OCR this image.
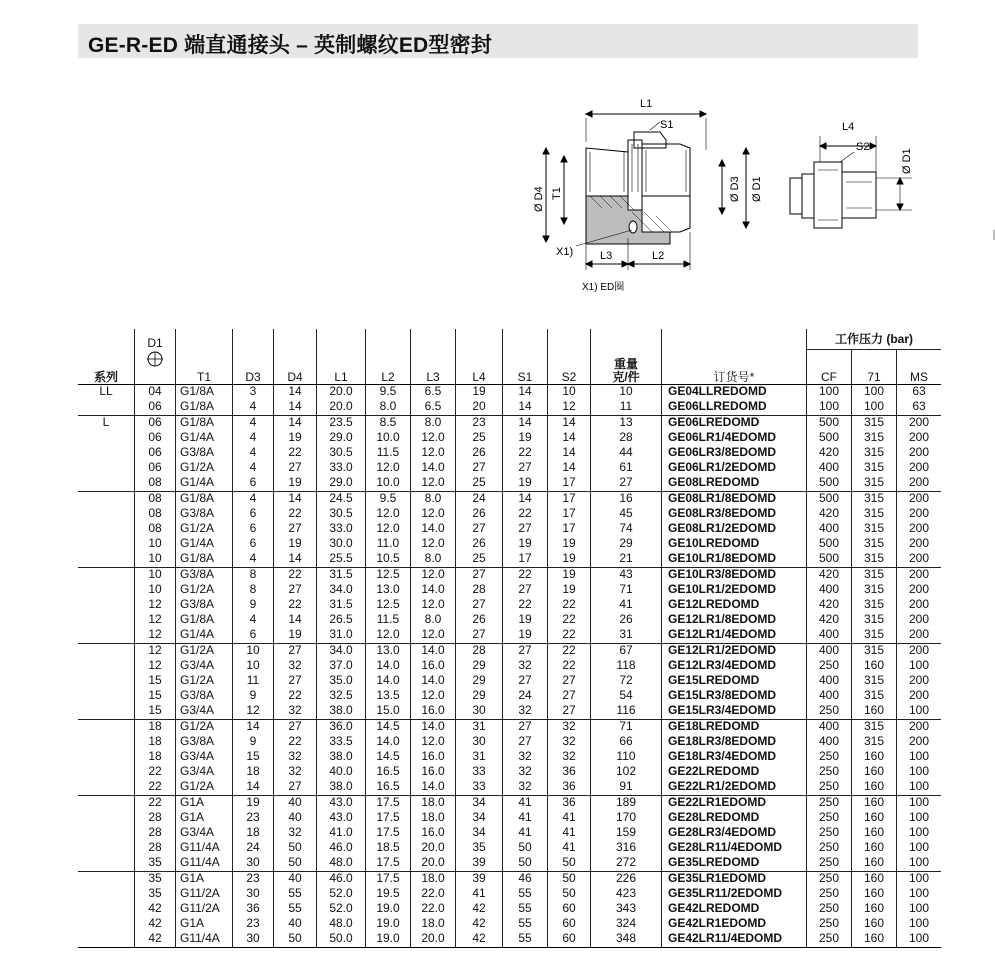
GE-R-ED 端直通接头 – 英制螺纹ED型密封
L1
S1
Ø D4 T1	Ø D3 Ø D1
X1) L3	L2
L4
S2
Ø D1
X1) ED圈
	D1												工作压力 (bar)		
											重量				
系列		T1	D3	D4	L1	L2	L3	L4	S1	S2	克/件	订货号*	CF	71	MS
LL	04	G1/8A	3	14	20.0	9.5	6.5	19	14	10	10	GE04LLREDOMD	100	100	63
	06	G1/8A	4	14	20.0	8.0	6.5	20	14	12	11	GE06LLREDOMD	100	100	63
L	06	G1/8A	4	14	23.5	8.5	8.0	23	14	14	13	GE06LREDOMD	500	315	200
	06	G1/4A	4	19	29.0	10.0	12.0	25	19	14	28	GE06LR1/4EDOMD	500	315	200
	06	G3/8A	4	22	30.5	11.5	12.0	26	22	14	44	GE06LR3/8EDOMD	420	315	200
	06	G1/2A	4	27	33.0	12.0	14.0	27	27	14	61	GE06LR1/2EDOMD	400	315	200
	08	G1/4A	6	19	29.0	10.0	12.0	25	19	17	27	GE08LREDOMD	500	315	200
	08	G1/8A	4	14	24.5	9.5	8.0	24	14	17	16	GE08LR1/8EDOMD	500	315	200
	08	G3/8A	6	22	30.5	12.0	12.0	26	22	17	45	GE08LR3/8EDOMD	420	315	200
	08	G1/2A	6	27	33.0	12.0	14.0	27	27	17	74	GE08LR1/2EDOMD	400	315	200
	10	G1/4A	6	19	30.0	11.0	12.0	26	19	19	29	GE10LREDOMD	500	315	200
	10	G1/8A	4	14	25.5	10.5	8.0	25	17	19	21	GE10LR1/8EDOMD	500	315	200
	10	G3/8A	8	22	31.5	12.5	12.0	27	22	19	43	GE10LR3/8EDOMD	420	315	200
	10	G1/2A	8	27	34.0	13.0	14.0	28	27	19	71	GE10LR1/2EDOMD	400	315	200
	12	G3/8A	9	22	31.5	12.5	12.0	27	22	22	41	GE12LREDOMD	420	315	200
	12	G1/8A	4	14	26.5	11.5	8.0	26	19	22	26	GE12LR1/8EDOMD	420	315	200
	12	G1/4A	6	19	31.0	12.0	12.0	27	19	22	31	GE12LR1/4EDOMD	400	315	200
	12	G1/2A	10	27	34.0	13.0	14.0	28	27	22	67	GE12LR1/2EDOMD	400	315	200
	12	G3/4A	10	32	37.0	14.0	16.0	29	32	22	118	GE12LR3/4EDOMD	250	160	100
	15	G1/2A	11	27	35.0	14.0	14.0	29	27	27	72	GE15LREDOMD	400	315	200
	15	G3/8A	9	22	32.5	13.5	12.0	29	24	27	54	GE15LR3/8EDOMD	400	315	200
	15	G3/4A	12	32	38.0	15.0	16.0	30	32	27	116	GE15LR3/4EDOMD	250	160	100
	18	G1/2A	14	27	36.0	14.5	14.0	31	27	32	71	GE18LREDOMD	400	315	200
	18	G3/8A	9	22	33.5	14.0	12.0	30	27	32	66	GE18LR3/8EDOMD	400	315	200
	18	G3/4A	15	32	38.0	14.5	16.0	31	32	32	110	GE18LR3/4EDOMD	250	160	100
	22	G3/4A	18	32	40.0	16.5	16.0	33	32	36	102	GE22LREDOMD	250	160	100
	22	G1/2A	14	27	38.0	16.5	14.0	33	32	36	91	GE22LR1/2EDOMD	250	160	100
	22	G1A	19	40	43.0	17.5	18.0	34	41	36	189	GE22LR1EDOMD	250	160	100
	28	G1A	23	40	43.0	17.5	18.0	34	41	41	170	GE28LREDOMD	250	160	100
	28	G3/4A	18	32	41.0	17.5	16.0	34	41	41	159	GE28LR3/4EDOMD	250	160	100
	28	G11/4A	24	50	46.0	18.5	20.0	35	50	41	316	GE28LR11/4EDOMD	250	160	100
	35	G11/4A	30	50	48.0	17.5	20.0	39	50	50	272	GE35LREDOMD	250	160	100
	35	G1A	23	40	46.0	17.5	18.0	39	46	50	226	GE35LR1EDOMD	250	160	100
	35	G11/2A	30	55	52.0	19.5	22.0	41	55	50	423	GE35LR11/2EDOMD	250	160	100
	42	G11/2A	36	55	52.0	19.0	22.0	42	55	60	343	GE42LREDOMD	250	160	100
	42	G1A	23	40	48.0	19.0	18.0	42	55	60	324	GE42LR1EDOMD	250	160	100
	42	G11/4A	30	50	50.0	19.0	20.0	42	55	60	348	GE42LR11/4EDOMD	250	160	100
